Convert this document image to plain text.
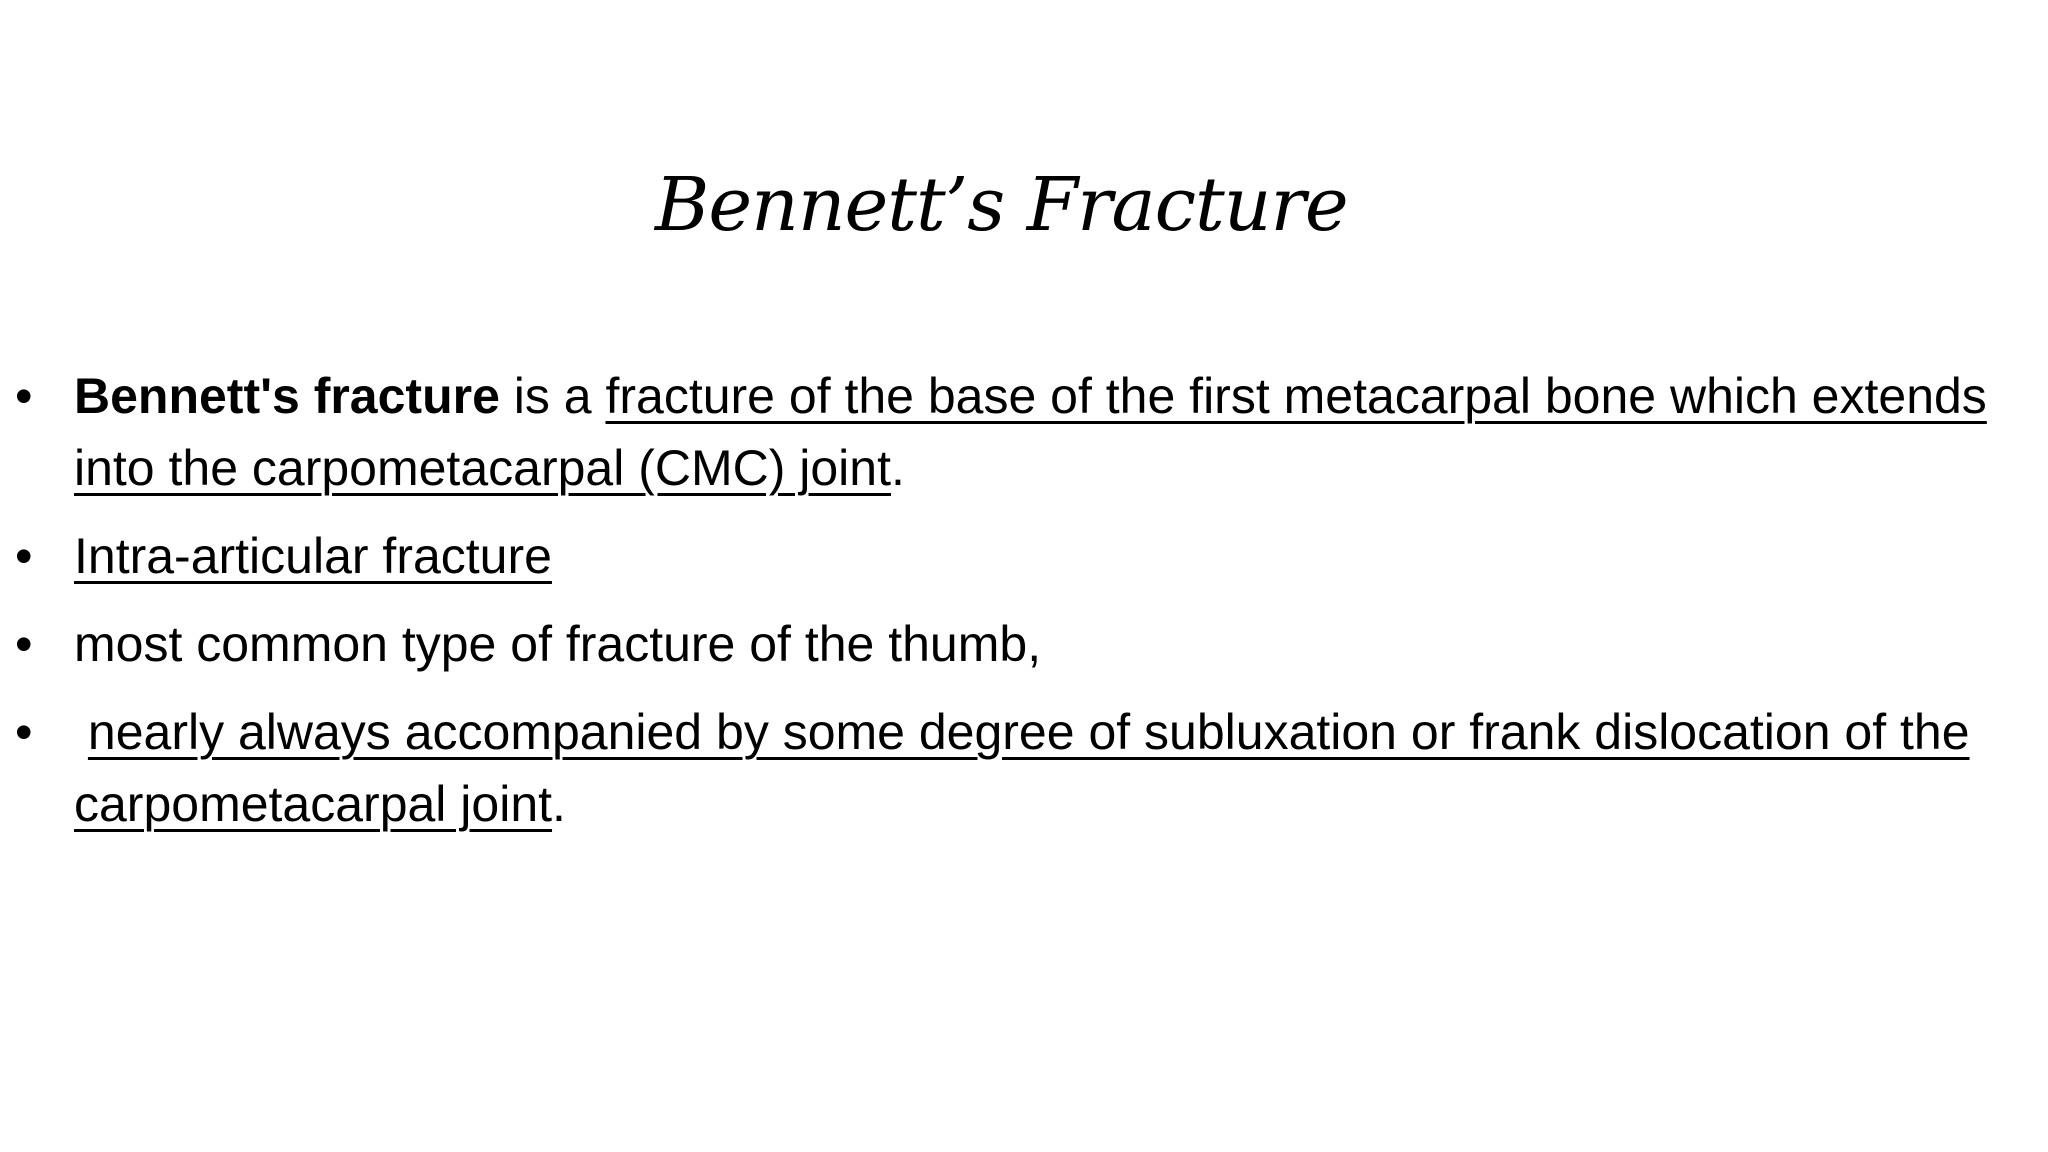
Bennett’s Fracture
• Bennett's fracture is a fracture of the base of the first metacarpal bone which extends into the carpometacarpal (CMC) joint.
• Intra-articular fracture
• most common type of fracture of the thumb,
• nearly always accompanied by some degree of subluxation or frank dislocation of the carpometacarpal joint.
